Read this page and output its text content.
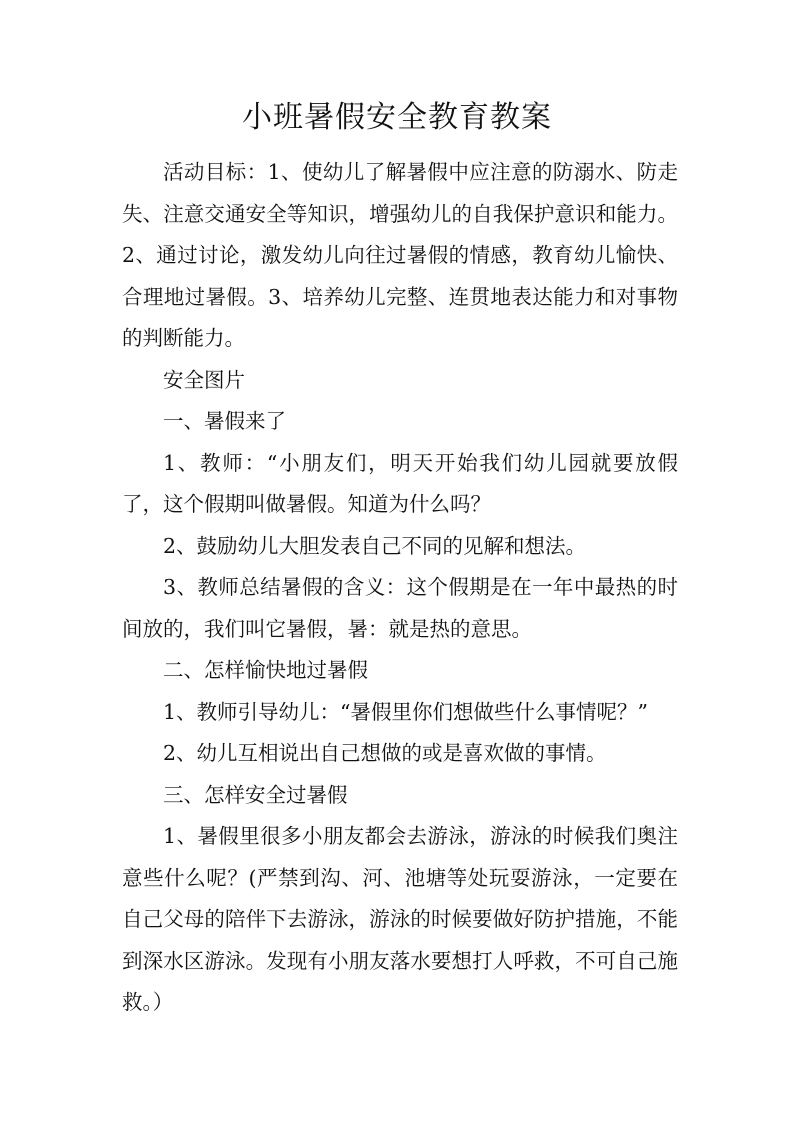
小班暑假安全教育教案

活动目标：1、使幼儿了解暑假中应注意的防溺水、防走失、注意交通安全等知识，增强幼儿的自我保护意识和能力。2、通过讨论，激发幼儿向往过暑假的情感，教育幼儿愉快、合理地过暑假。3、培养幼儿完整、连贯地表达能力和对事物的判断能力。

安全图片

一、暑假来了

1、教师：“小朋友们，明天开始我们幼儿园就要放假了，这个假期叫做暑假。知道为什么吗？

2、鼓励幼儿大胆发表自己不同的见解和想法。

3、教师总结暑假的含义：这个假期是在一年中最热的时间放的，我们叫它暑假，暑：就是热的意思。

二、怎样愉快地过暑假

1、教师引导幼儿：“暑假里你们想做些什么事情呢？”

2、幼儿互相说出自己想做的或是喜欢做的事情。

三、怎样安全过暑假

1、暑假里很多小朋友都会去游泳，游泳的时候我们奥注意些什么呢？(严禁到沟、河、池塘等处玩耍游泳，一定要在自己父母的陪伴下去游泳，游泳的时候要做好防护措施，不能到深水区游泳。发现有小朋友落水要想打人呼救，不可自己施救。）
